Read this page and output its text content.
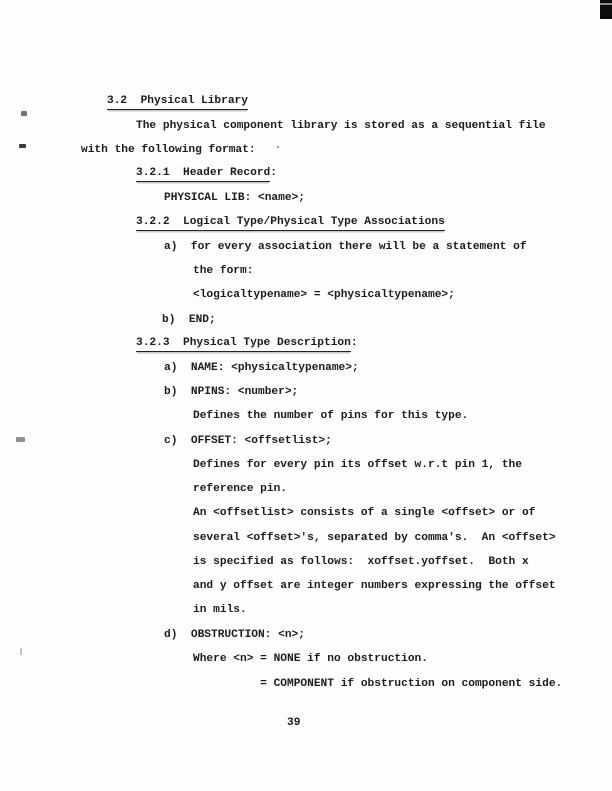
3.2  Physical Library
The physical component library is stored as a sequential file
with the following format:
3.2.1  Header Record:
PHYSICAL LIB: <name>;
3.2.2  Logical Type/Physical Type Associations
a)  for every association there will be a statement of
the form:
<logicaltypename> = <physicaltypename>;
b)  END;
3.2.3  Physical Type Description:
a)  NAME: <physicaltypename>;
b)  NPINS: <number>;
Defines the number of pins for this type.
c)  OFFSET: <offsetlist>;
Defines for every pin its offset w.r.t pin 1, the
reference pin.
An <offsetlist> consists of a single <offset> or of
several <offset>'s, separated by comma's.  An <offset>
is specified as follows:  xoffset.yoffset.  Both x
and y offset are integer numbers expressing the offset
in mils.
d)  OBSTRUCTION: <n>;
Where <n> = NONE if no obstruction.
= COMPONENT if obstruction on component side.
39
